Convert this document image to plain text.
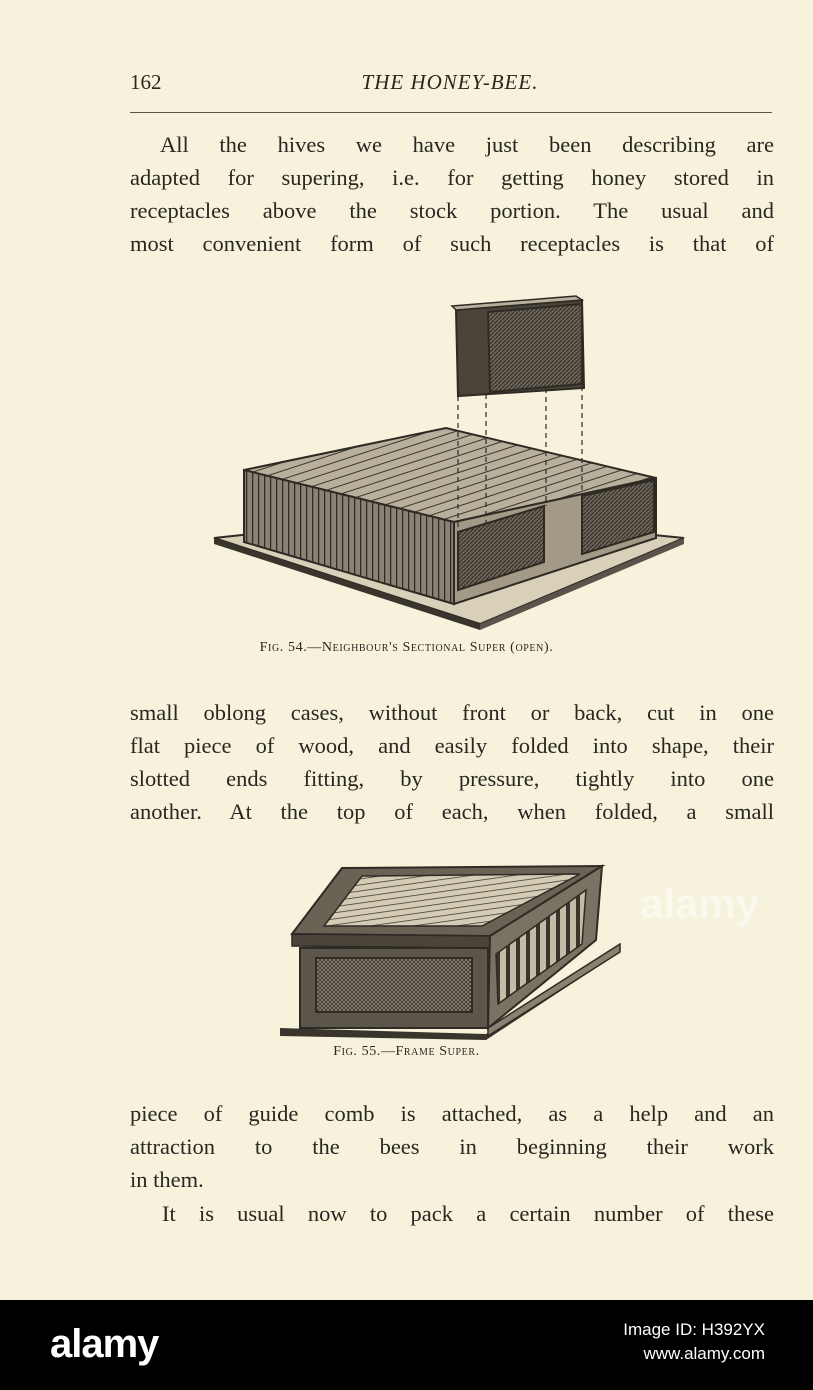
162	THE HONEY-BEE.
All the hives we have just been describing are
adapted for supering, i.e. for getting honey stored in
receptacles above the stock portion. The usual and
most convenient form of such receptacles is that of
Fig. 54.—Neighbour's Sectional Super (open).
small oblong cases, without front or back, cut in one
flat piece of wood, and easily folded into shape, their
slotted ends fitting, by pressure, tightly into one
another. At the top of each, when folded, a small
Fig. 55.—Frame Super.
piece of guide comb is attached, as a help and an
attraction to the bees in beginning their work
in them.
It is usual now to pack a certain number of these
alamy
alamy	Image ID: H392YX
www.alamy.com
